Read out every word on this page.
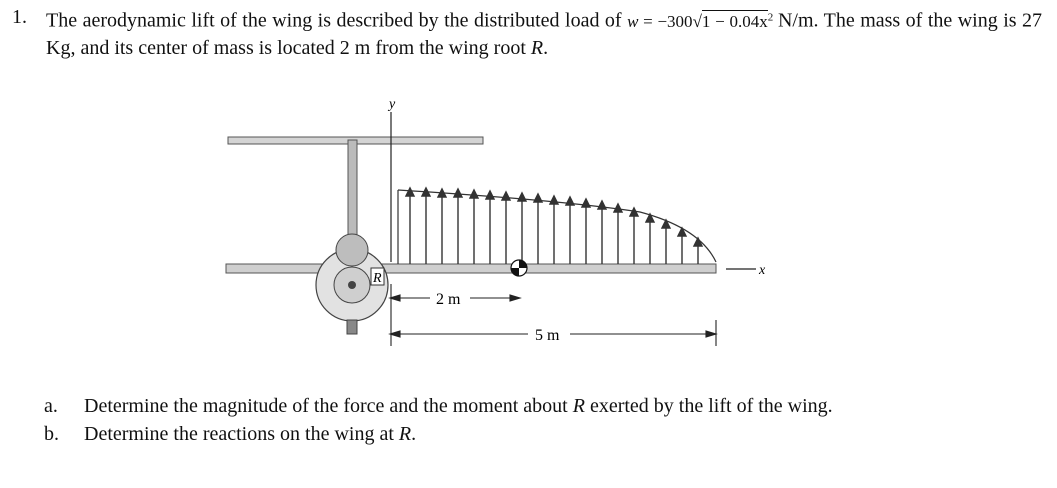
1. The aerodynamic lift of the wing is described by the distributed load of $w = -300√1 - 0.04x^2$ N/m. The mass of the wing is 27 Kg, and its center of mass is located 2 m from the wing root R.
y
x
R
2 m
5 m
a.	Determine the magnitude of the force and the moment about R exerted by the lift of the wing.
b.	Determine the reactions on the wing at R.
